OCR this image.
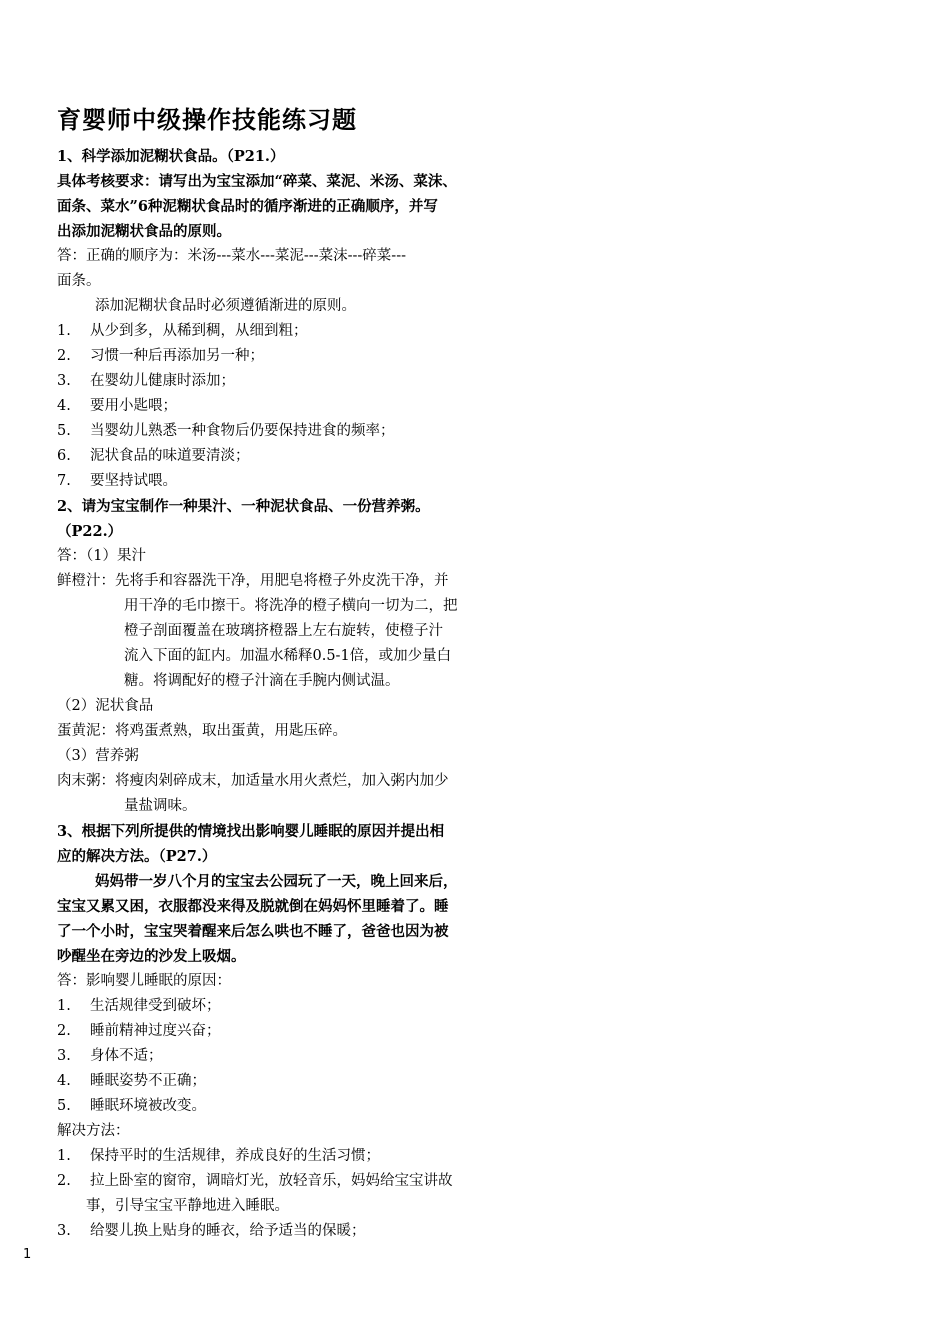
育婴师中级操作技能练习题
1、科学添加泥糊状食品。（P21.）
具体考核要求：请写出为宝宝添加“碎菜、菜泥、米汤、菜沫、
面条、菜水”6种泥糊状食品时的循序渐进的正确顺序，并写
出添加泥糊状食品的原则。
答：正确的顺序为：米汤---菜水---菜泥---菜沫---碎菜---
面条。
添加泥糊状食品时必须遵循渐进的原则。
1. 从少到多，从稀到稠，从细到粗；
2. 习惯一种后再添加另一种；
3. 在婴幼儿健康时添加；
4. 要用小匙喂；
5. 当婴幼儿熟悉一种食物后仍要保持进食的频率；
6. 泥状食品的味道要清淡；
7. 要坚持试喂。
2、请为宝宝制作一种果汁、一种泥状食品、一份营养粥。
（P22.）
答：（1）果汁
鲜橙汁：先将手和容器洗干净，用肥皂将橙子外皮洗干净，并
用干净的毛巾擦干。将洗净的橙子横向一切为二，把
橙子剖面覆盖在玻璃挤橙器上左右旋转，使橙子汁
流入下面的缸内。加温水稀释0.5-1倍，或加少量白
糖。将调配好的橙子汁滴在手腕内侧试温。
（2）泥状食品
蛋黄泥：将鸡蛋煮熟，取出蛋黄，用匙压碎。
（3）营养粥
肉末粥：将瘦肉剁碎成末，加适量水用火煮烂，加入粥内加少
量盐调味。
3、根据下列所提供的情境找出影响婴儿睡眠的原因并提出相
应的解决方法。（P27.）
妈妈带一岁八个月的宝宝去公园玩了一天，晚上回来后，
宝宝又累又困，衣服都没来得及脱就倒在妈妈怀里睡着了。睡
了一个小时，宝宝哭着醒来后怎么哄也不睡了，爸爸也因为被
吵醒坐在旁边的沙发上吸烟。
答：影响婴儿睡眠的原因：
1. 生活规律受到破坏；
2. 睡前精神过度兴奋；
3. 身体不适；
4. 睡眠姿势不正确；
5. 睡眠环境被改变。
解决方法：
1. 保持平时的生活规律，养成良好的生活习惯；
2. 拉上卧室的窗帘，调暗灯光，放轻音乐，妈妈给宝宝讲故
事，引导宝宝平静地进入睡眠。
3. 给婴儿换上贴身的睡衣，给予适当的保暖；
1
